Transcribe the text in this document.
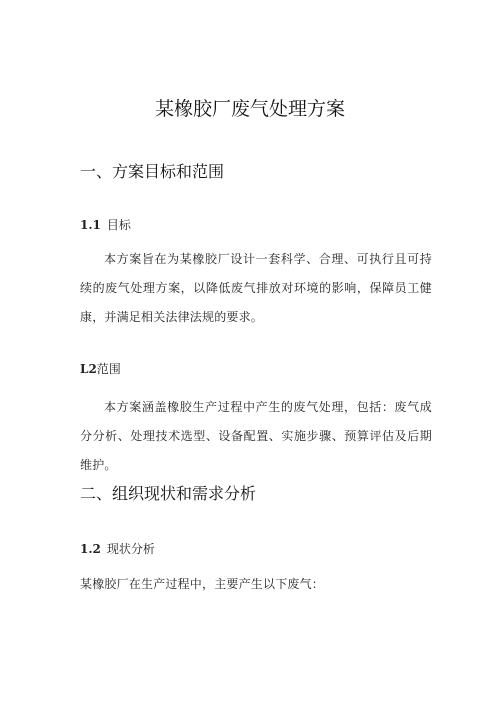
某橡胶厂废气处理方案
一、方案目标和范围
1.1 目标

本方案旨在为某橡胶厂设计一套科学、合理、可执行且可持续的废气处理方案，以降低废气排放对环境的影响，保障员工健康，并满足相关法律法规的要求。

L2范围

本方案涵盖橡胶生产过程中产生的废气处理，包括：废气成分分析、处理技术选型、设备配置、实施步骤、预算评估及后期维护。

二、组织现状和需求分析
1.2 现状分析

某橡胶厂在生产过程中，主要产生以下废气：
